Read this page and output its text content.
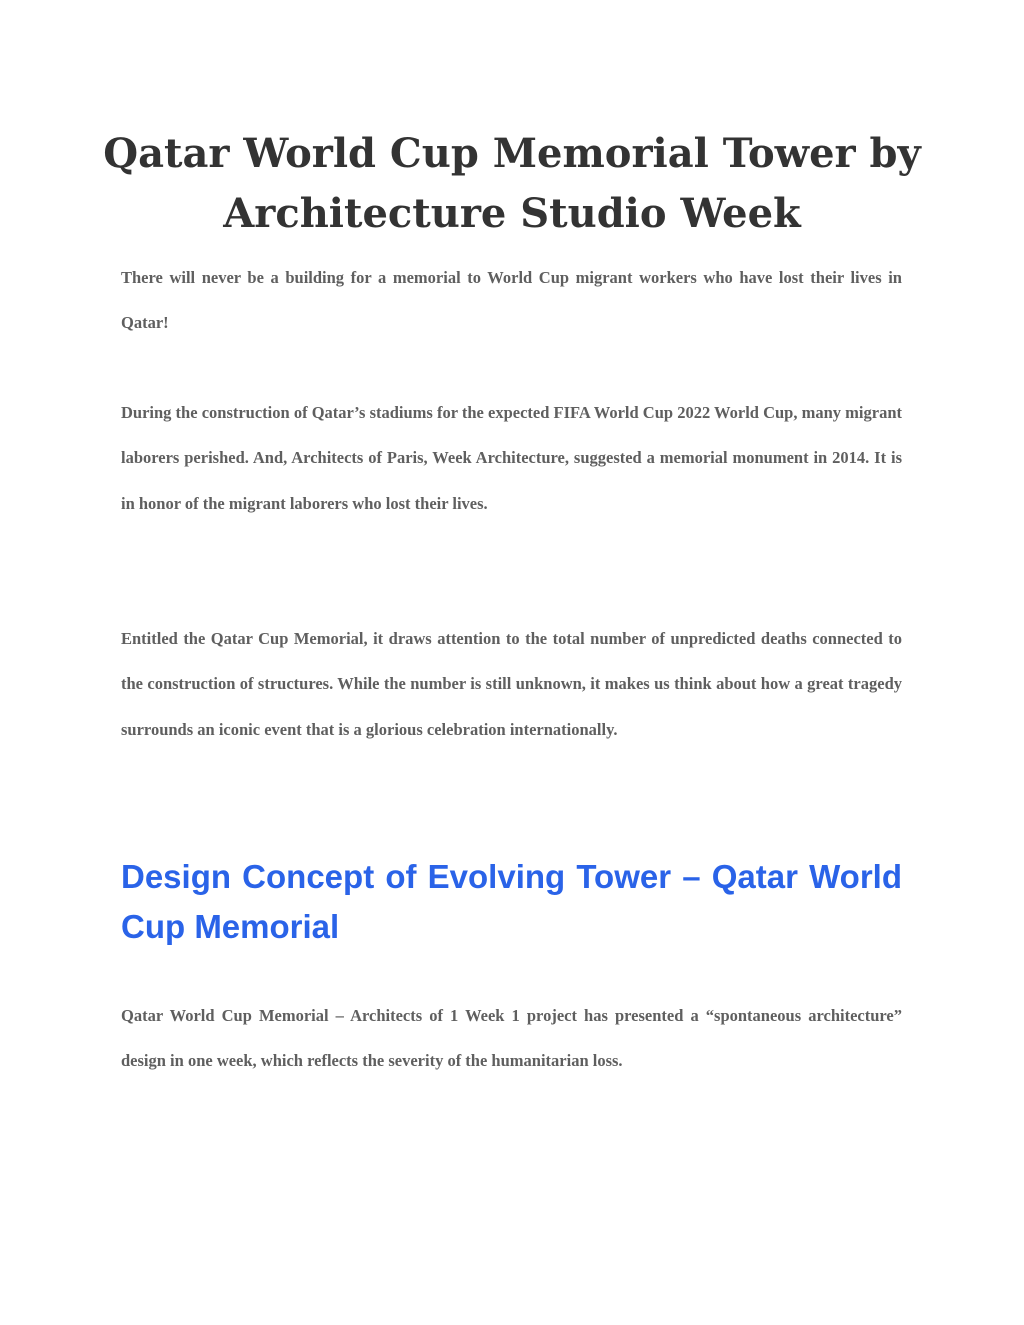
Qatar World Cup Memorial Tower by Architecture Studio Week

There will never be a building for a memorial to World Cup migrant workers who have lost their lives in Qatar!

During the construction of Qatar’s stadiums for the expected FIFA World Cup 2022 World Cup, many migrant laborers perished. And, Architects of Paris, Week Architecture, suggested a memorial monument in 2014. It is in honor of the migrant laborers who lost their lives.

Entitled the Qatar Cup Memorial, it draws attention to the total number of unpredicted deaths connected to the construction of structures. While the number is still unknown, it makes us think about how a great tragedy surrounds an iconic event that is a glorious celebration internationally.

Design Concept of Evolving Tower – Qatar World Cup Memorial

Qatar World Cup Memorial – Architects of 1 Week 1 project has presented a “spontaneous architecture” design in one week, which reflects the severity of the humanitarian loss.
